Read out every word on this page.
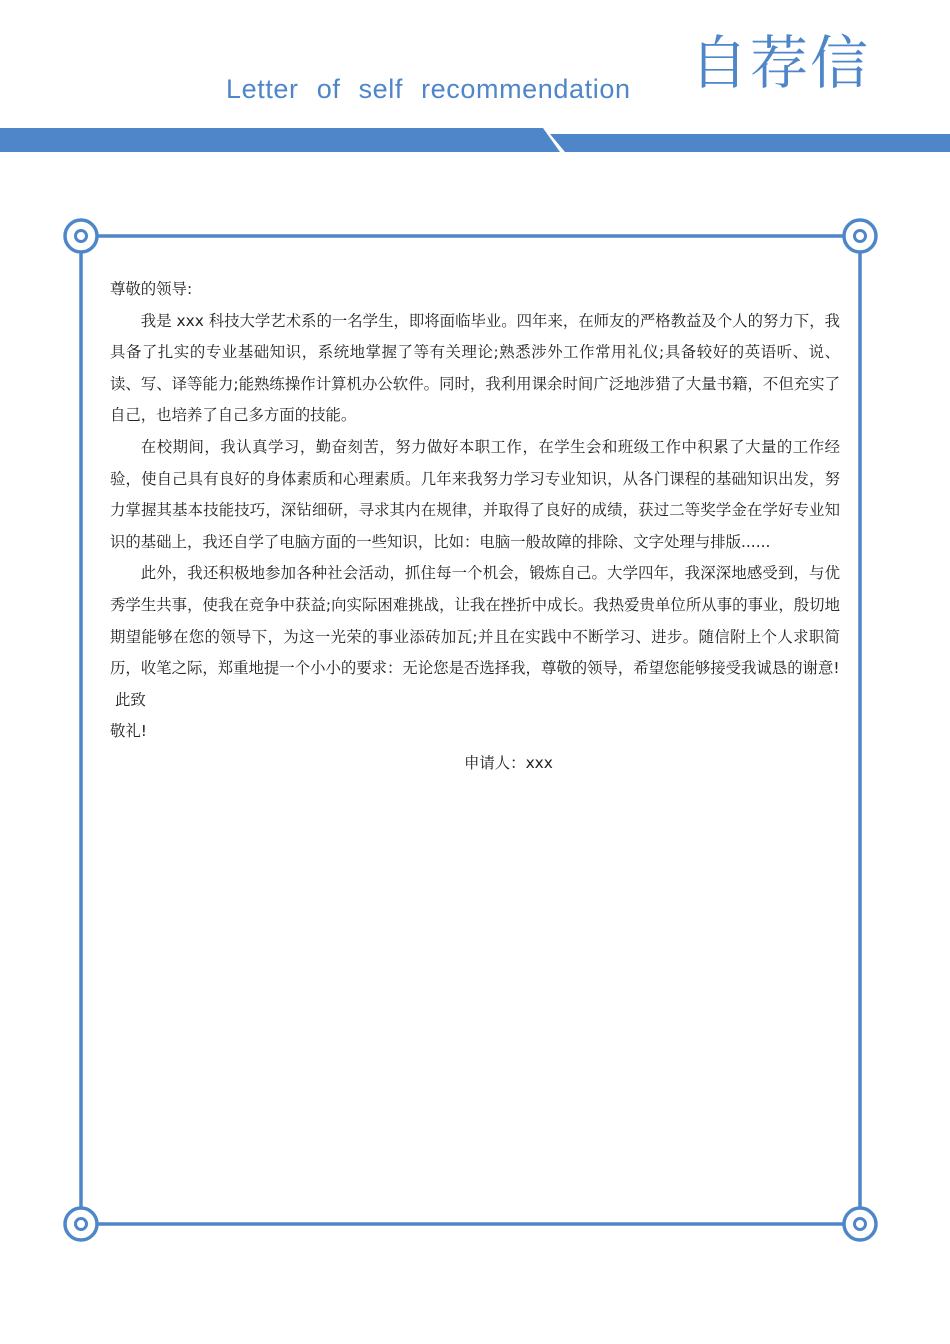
自荐信
Letter of self recommendation

尊敬的领导:

我是 xxx 科技大学艺术系的一名学生，即将面临毕业。四年来，在师友的严格教益及个人的努力下，我具备了扎实的专业基础知识，系统地掌握了等有关理论;熟悉涉外工作常用礼仪;具备较好的英语听、说、读、写、译等能力;能熟练操作计算机办公软件。同时，我利用课余时间广泛地涉猎了大量书籍，不但充实了自己，也培养了自己多方面的技能。

在校期间，我认真学习，勤奋刻苦，努力做好本职工作，在学生会和班级工作中积累了大量的工作经验，使自己具有良好的身体素质和心理素质。几年来我努力学习专业知识，从各门课程的基础知识出发，努力掌握其基本技能技巧，深钻细研，寻求其内在规律，并取得了良好的成绩，获过二等奖学金在学好专业知识的基础上，我还自学了电脑方面的一些知识，比如：电脑一般故障的排除、文字处理与排版......

此外，我还积极地参加各种社会活动，抓住每一个机会，锻炼自己。大学四年，我深深地感受到，与优秀学生共事，使我在竞争中获益;向实际困难挑战，让我在挫折中成长。我热爱贵单位所从事的事业，殷切地期望能够在您的领导下，为这一光荣的事业添砖加瓦;并且在实践中不断学习、进步。随信附上个人求职简历，收笔之际，郑重地提一个小小的要求：无论您是否选择我，尊敬的领导，希望您能够接受我诚恳的谢意!

此致

敬礼!

申请人：xxx
